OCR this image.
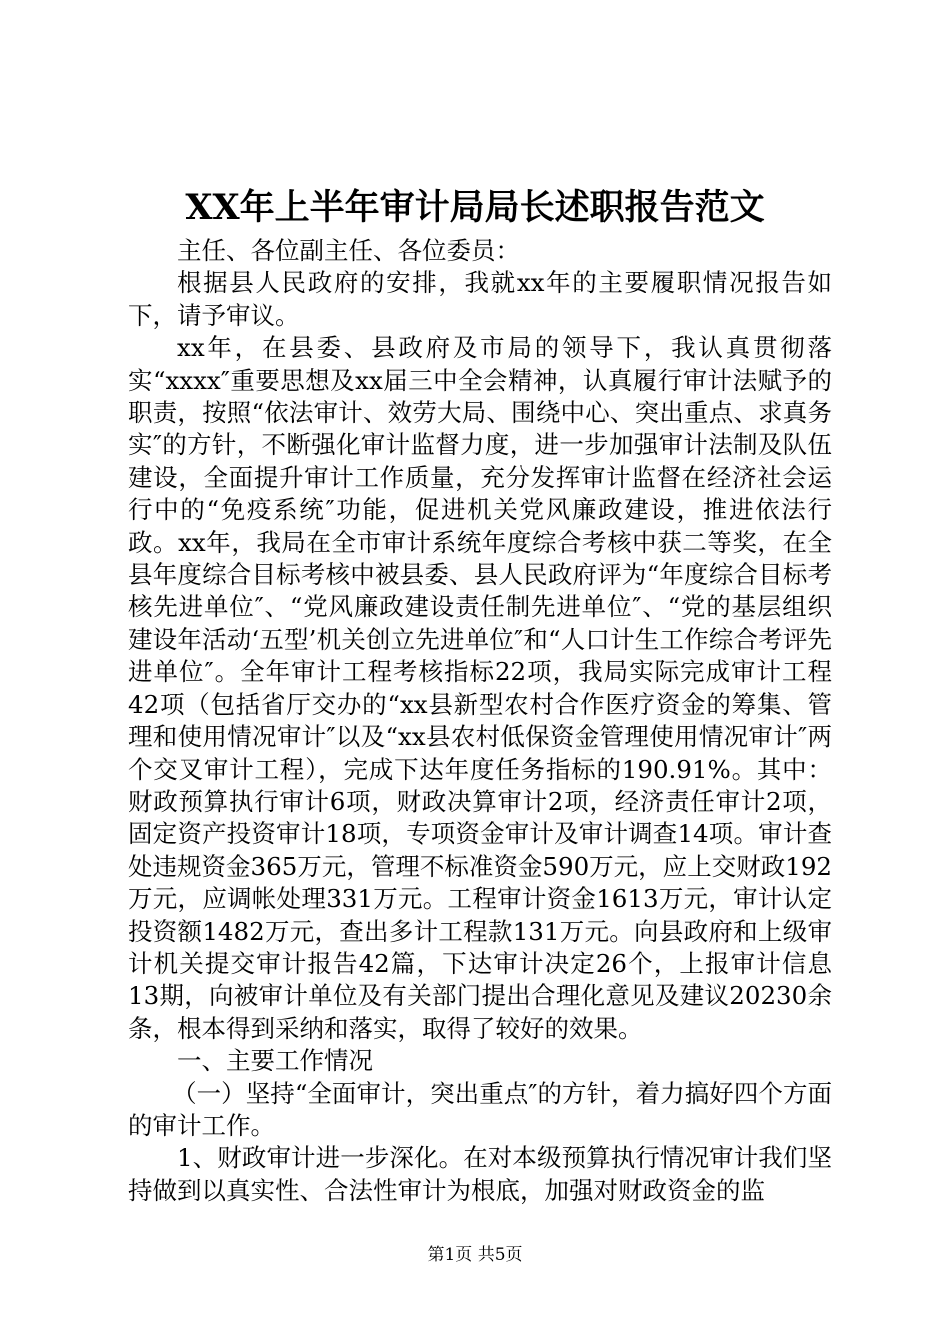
XX年上半年审计局局长述职报告范文

主任、各位副主任、各位委员：

根据县人民政府的安排，我就xx年的主要履职情况报告如下，请予审议。

xx年，在县委、县政府及市局的领导下，我认真贯彻落实“xxxx″重要思想及xx届三中全会精神，认真履行审计法赋予的职责，按照“依法审计、效劳大局、围绕中心、突出重点、求真务实″的方针，不断强化审计监督力度，进一步加强审计法制及队伍建设，全面提升审计工作质量，充分发挥审计监督在经济社会运行中的“免疫系统″功能，促进机关党风廉政建设，推进依法行政。xx年，我局在全市审计系统年度综合考核中获二等奖，在全县年度综合目标考核中被县委、县人民政府评为“年度综合目标考核先进单位″、“党风廉政建设责任制先进单位″、“党的基层组织建设年活动‘五型’机关创立先进单位″和“人口计生工作综合考评先进单位″。全年审计工程考核指标22项，我局实际完成审计工程42项（包括省厅交办的“xx县新型农村合作医疗资金的筹集、管理和使用情况审计″以及“xx县农村低保资金管理使用情况审计″两个交叉审计工程），完成下达年度任务指标的190.91%。其中：财政预算执行审计6项，财政决算审计2项，经济责任审计2项，固定资产投资审计18项，专项资金审计及审计调查14项。审计查处违规资金365万元，管理不标准资金590万元，应上交财政192万元，应调帐处理331万元。工程审计资金1613万元，审计认定投资额1482万元，查出多计工程款131万元。向县政府和上级审计机关提交审计报告42篇，下达审计决定26个，上报审计信息13期，向被审计单位及有关部门提出合理化意见及建议20230余条，根本得到采纳和落实，取得了较好的效果。

一、主要工作情况

（一）坚持“全面审计，突出重点″的方针，着力搞好四个方面的审计工作。

1、财政审计进一步深化。在对本级预算执行情况审计我们坚持做到以真实性、合法性审计为根底，加强对财政资金的监

第1页 共5页
